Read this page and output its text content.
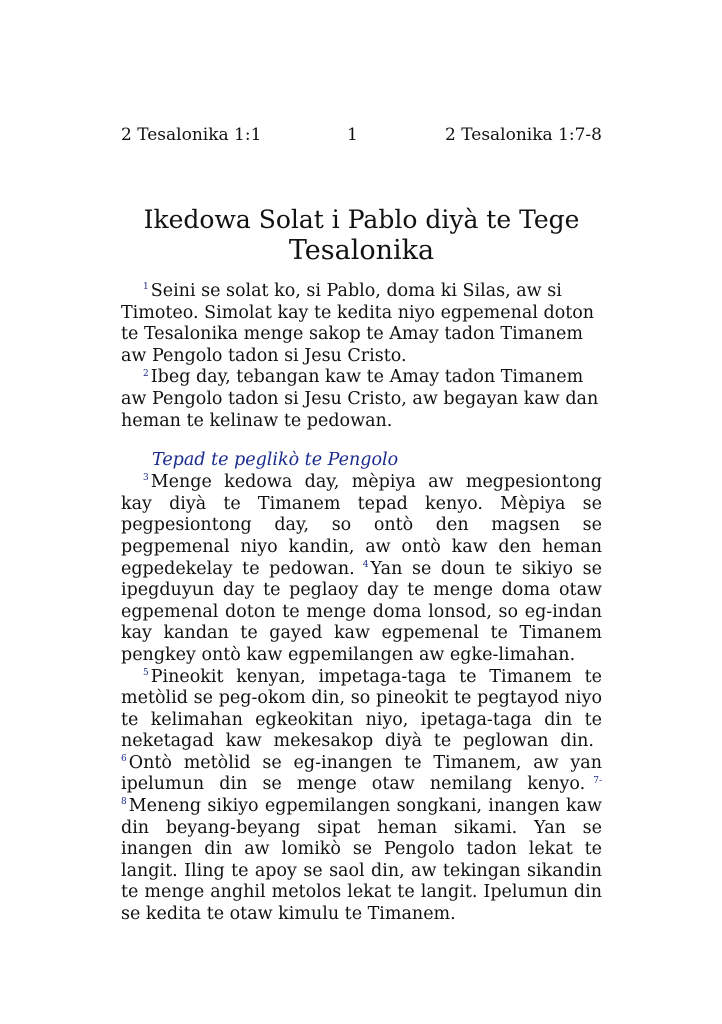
2 Tesalonika 1:1	1	2 Tesalonika 1:7-8
Ikedowa Solat i Pablo diyà te Tege
Tesalonika

$^1$ Seini se solat ko, si Pablo, doma ki Silas, aw si Timoteo. Simolat kay te kedita niyo egpemenal doton te Tesalonika menge sakop te Amay tadon Timanem aw Pengolo tadon si Jesu Cristo.

$^2$ Ibeg day, tebangan kaw te Amay tadon Timanem aw Pengolo tadon si Jesu Cristo, aw begayan kaw dan heman te kelinaw te pedowan.

Tepad te peglikò te Pengolo

$^3$ Menge kedowa day, mèpiya aw megpesiontong kay diyà te Timanem tepad kenyo. Mèpiya se pegpesiontong day, so ontò den magsen se pegpemenal niyo kandin, aw ontò kaw den heman egpedekelay te pedowan. $^4$ Yan se doun te sikiyo se ipegduyun day te peglaoy day te menge doma otaw egpemenal doton te menge doma lonsod, so eg-indan kay kandan te gayed kaw egpemenal te Timanem pengkey ontò kaw egpemilangen aw egke-limahan.

$^5$ Pineokit kenyan, impetaga-taga te Timanem te metòlid se peg-okom din, so pineokit te pegtayod niyo te kelimahan egkeokitan niyo, ipetaga-taga din te neketagad kaw mekesakop diyà te peglowan din.$^6$ Ontò metòlid se eg-inangen te Timanem, aw yan ipelumun din se menge otaw nemilang kenyo. $^{7-8}$ Meneng sikiyo egpemilangen songkani, inangen kaw din beyang-beyang sipat heman sikami. Yan se inangen din aw lomikò se Pengolo tadon lekat te langit. Iling te apoy se saol din, aw tekingan sikandin te menge anghil metolos lekat te langit. Ipelumun din se kedita te otaw kimulu te Timanem.
